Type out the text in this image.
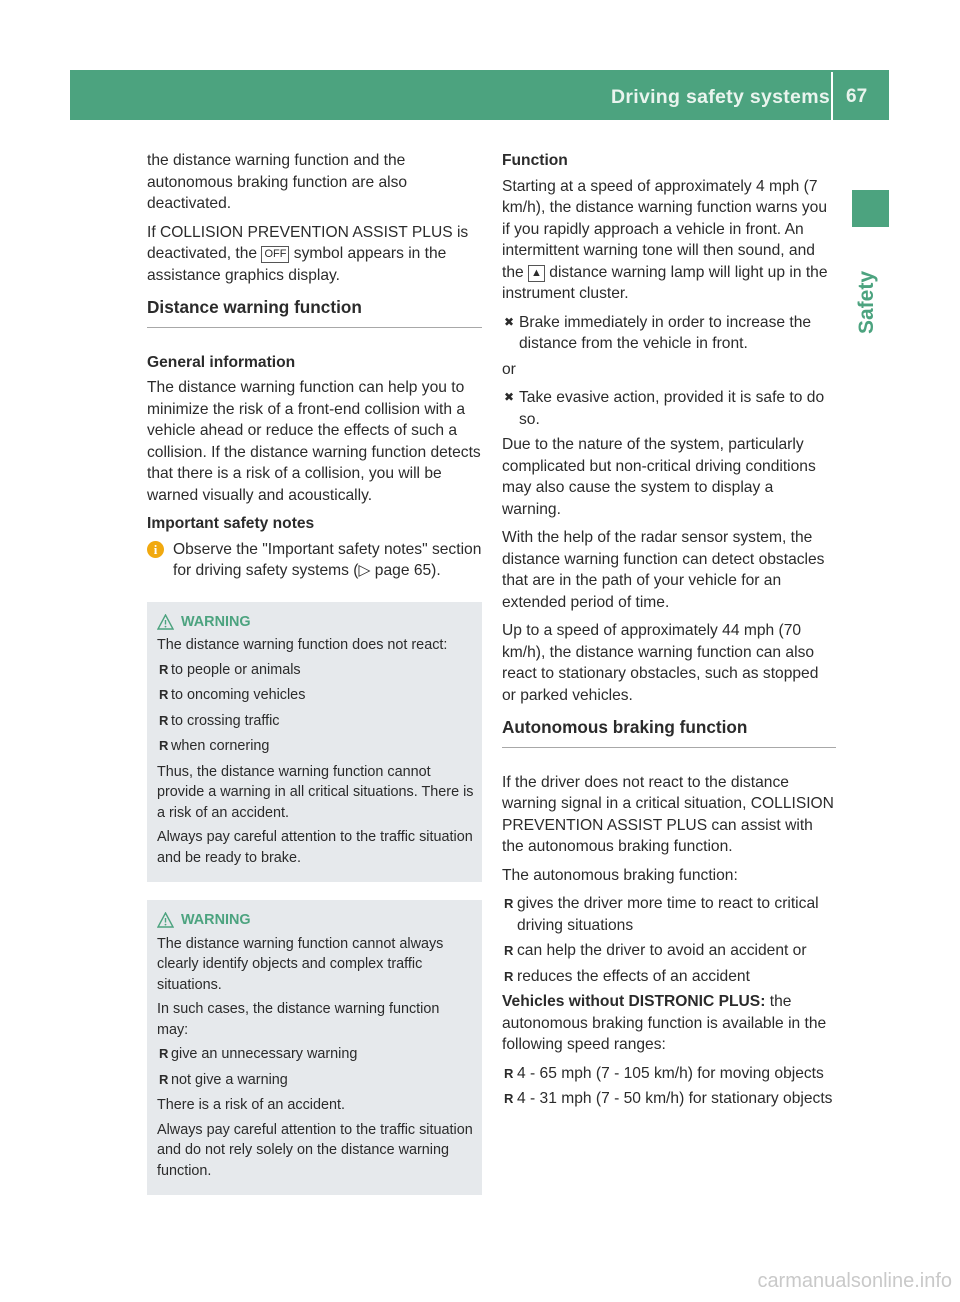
Driving safety systems 67
Safety

the distance warning function and the autonomous braking function are also deactivated.

If COLLISION PREVENTION ASSIST PLUS is deactivated, the OFF symbol appears in the assistance graphics display.

Distance warning function
General information

The distance warning function can help you to minimize the risk of a front-end collision with a vehicle ahead or reduce the effects of such a collision. If the distance warning function detects that there is a risk of a collision, you will be warned visually and acoustically.

Important safety notes
i	Observe the "Important safety notes" section for driving safety systems (▷ page 65).
WARNING

The distance warning function does not react:

R to people or animals
R to oncoming vehicles
R to crossing traffic
R when cornering

Thus, the distance warning function cannot provide a warning in all critical situations. There is a risk of an accident.

Always pay careful attention to the traffic situation and be ready to brake.

WARNING

The distance warning function cannot always clearly identify objects and complex traffic situations.

In such cases, the distance warning function may:

R give an unnecessary warning
R not give a warning

There is a risk of an accident.

Always pay careful attention to the traffic situation and do not rely solely on the distance warning function.

Function

Starting at a speed of approximately 4 mph (7 km/h), the distance warning function warns you if you rapidly approach a vehicle in front. An intermittent warning tone will then sound, and the ▲ distance warning lamp will light up in the instrument cluster.

✖ Brake immediately in order to increase the distance from the vehicle in front.

or

✖ Take evasive action, provided it is safe to do so.

Due to the nature of the system, particularly complicated but non-critical driving conditions may also cause the system to display a warning.

With the help of the radar sensor system, the distance warning function can detect obstacles that are in the path of your vehicle for an extended period of time.

Up to a speed of approximately 44 mph (70 km/h), the distance warning function can also react to stationary obstacles, such as stopped or parked vehicles.

Autonomous braking function

If the driver does not react to the distance warning signal in a critical situation, COLLISION PREVENTION ASSIST PLUS can assist with the autonomous braking function.

The autonomous braking function:

R gives the driver more time to react to critical driving situations
R can help the driver to avoid an accident or
R reduces the effects of an accident

Vehicles without DISTRONIC PLUS: the autonomous braking function is available in the following speed ranges:

R 4 - 65 mph (7 - 105 km/h) for moving objects
R 4 - 31 mph (7 - 50 km/h) for stationary objects
carmanualsonline.info
